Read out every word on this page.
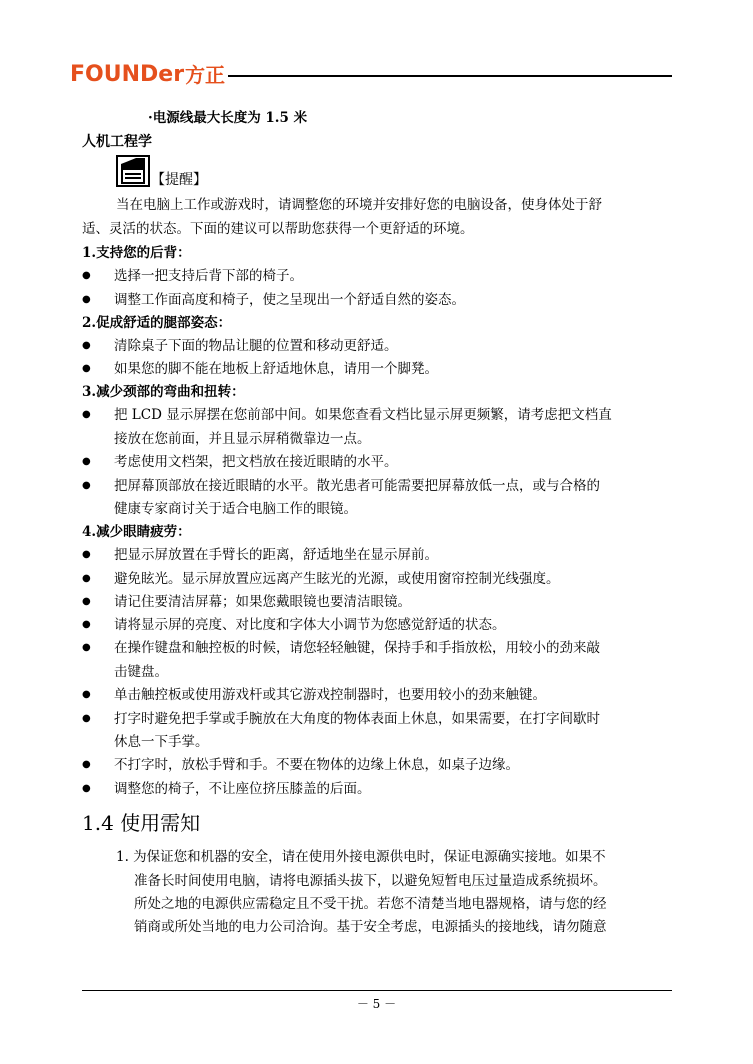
FOUNDer 方正
·电源线最大长度为 1.5 米
人机工程学
【提醒】
当在电脑上工作或游戏时，请调整您的环境并安排好您的电脑设备，使身体处于舒
适、灵活的状态。下面的建议可以帮助您获得一个更舒适的环境。
1.支持您的后背：
● 选择一把支持后背下部的椅子。
● 调整工作面高度和椅子，使之呈现出一个舒适自然的姿态。
2.促成舒适的腿部姿态：
● 清除桌子下面的物品让腿的位置和移动更舒适。
● 如果您的脚不能在地板上舒适地休息，请用一个脚凳。
3.减少颈部的弯曲和扭转：
● 把 LCD 显示屏摆在您前部中间。如果您查看文档比显示屏更频繁，请考虑把文档直
接放在您前面，并且显示屏稍微靠边一点。
● 考虑使用文档架，把文档放在接近眼睛的水平。
● 把屏幕顶部放在接近眼睛的水平。散光患者可能需要把屏幕放低一点，或与合格的
健康专家商讨关于适合电脑工作的眼镜。
4.减少眼睛疲劳：
● 把显示屏放置在手臂长的距离，舒适地坐在显示屏前。
● 避免眩光。显示屏放置应远离产生眩光的光源，或使用窗帘控制光线强度。
● 请记住要清洁屏幕；如果您戴眼镜也要清洁眼镜。
● 请将显示屏的亮度、对比度和字体大小调节为您感觉舒适的状态。
● 在操作键盘和触控板的时候，请您轻轻触键，保持手和手指放松，用较小的劲来敲
击键盘。
● 单击触控板或使用游戏杆或其它游戏控制器时，也要用较小的劲来触键。
● 打字时避免把手掌或手腕放在大角度的物体表面上休息，如果需要，在打字间歇时
休息一下手掌。
● 不打字时，放松手臂和手。不要在物体的边缘上休息，如桌子边缘。
● 调整您的椅子，不让座位挤压膝盖的后面。
1.4 使用需知
1. 为保证您和机器的安全，请在使用外接电源供电时，保证电源确实接地。如果不
准备长时间使用电脑，请将电源插头拔下，以避免短暂电压过量造成系统损坏。
所处之地的电源供应需稳定且不受干扰。若您不清楚当地电器规格，请与您的经
销商或所处当地的电力公司洽询。基于安全考虑，电源插头的接地线，请勿随意
－ 5 －
